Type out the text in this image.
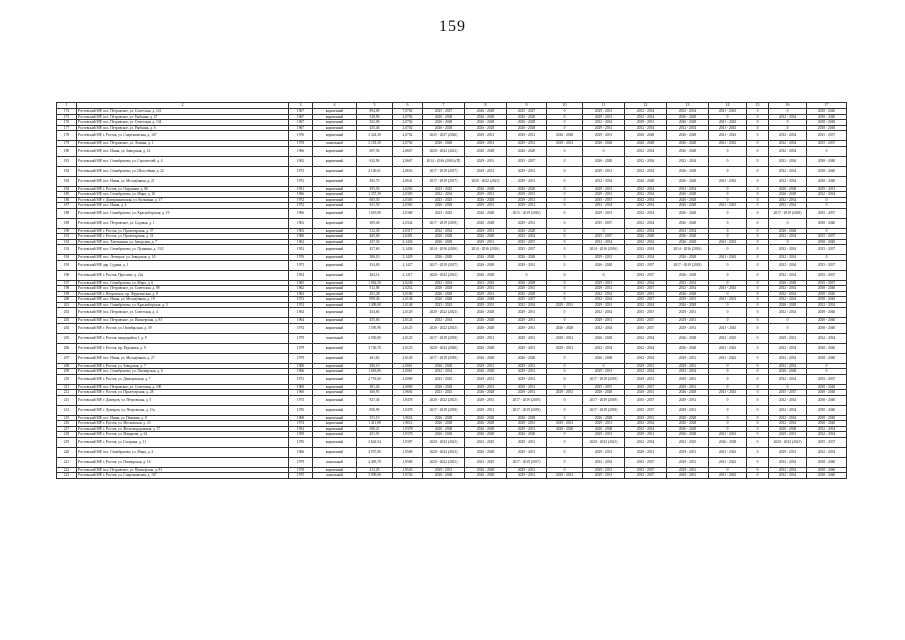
159
1	2	3	4	5	6	7	8	9	10	11	12	13	14	15	16	17
174	Ростовский МР, пос. Петровское, ул. Советская, д. 141	1967	кирпичный	894,00	7,0702	2025 - 2027	2026 - 2028	2025 - 2027	0	2029 - 2031	2032 - 2034	2032 - 2034	2041 - 2043	0	0	2038 - 2040
175	Ростовский МР, пос. Петровское, ул. Рыбкина, д. 27	1967	кирпичный	528,90	2,0702	2026 - 2028	2026 - 2028	2026 - 2028	0	2029 - 2031	2032 - 2034	2026 - 2028	0	0	2032 - 2034	2038 - 2040
176	Ростовский МР, пос. Петровское, ул. Советская, д. 134	1967	кирпичный	352,00	2,0702	2026 - 2028	2026 - 2028	2026 - 2028	0	2032 - 2034	2029 - 2031	2026 - 2028	2041 - 2043	0	0	2038 - 2040
177	Ростовский МР, пос. Петровское, ул. Рыбкина, д. 6	1967	кирпичный	455,40	2,0702	2026 - 2028	2026 - 2028	2026 - 2028	0	2029 - 2031	2032 - 2034	2032 - 2034	2041 - 2043	0	0	2038 - 2040
178	Ростовский МР, г. Ростов, ул. Спартаковская, д. 167	1976	кирпичный	2 324,30	2,0702	2025 - 2027 (2026)	2029 - 2031	2029 - 2031	2026 - 2028	2029 - 2031	2026 - 2028	2026 - 2028	2041 - 2043	0	2032 - 2034	2035 - 2037
179	Ростовский МР, пос. Петровское, ул. Ленина, д. 1	1978	панельный	3 118,50	2,0702	2026 - 2028	2029 - 2031	2029 - 2031	2029 - 2031	2026 - 2028	2026 - 2028	2026 - 2028	2041 - 2043	0	2032 - 2034	2035 - 2037
180	Ростовский МР, пос. Ишня, ул. Заводская, д. 12	1966	кирпичный	697,50	2,0667	2020 - 2022 (2021)	2026 - 2028	2026 - 2028	0	0	2032 - 2034	2026 - 2028	0	0	2032 - 2034	0
181	Ростовский МР, пос. Семибратово, ул. Строителей, д. 4	1962	кирпичный	632,90	2,0667	2014 - 2016 (2016) (П)	2029 - 2031	2035 - 2037	0	2026 - 2028	2032 - 2034	2032 - 2034	0	0	2032 - 2034	2038 - 2040
182	Ростовский МР, пос. Семибратово, ул. Шоссейная, д. 22	1973	кирпичный	2 140,61	2,0633	2017 - 2019 (2017)	2029 - 2031	2029 - 2031	0	2029 - 2031	2032 - 2034	2026 - 2028	0	0	2032 - 2034	2038 - 2040
183	Ростовский МР, пос. Ишня, ул. Молодёжная, д. 21	1972	кирпичный	492,70	2,0641	2017 - 2019 (2017)	2020 - 2022 (2021)	2029 - 2031	0	2032 - 2034	2026 - 2028	2026 - 2028	2041 - 2043	0	2032 - 2034	2038 - 2040
184	Ростовский МР, г. Ростов, ул. Окружная, д. 86	1951	кирпичный	293,50	2,0263	2023 - 2025	2026 - 2028	2026 - 2028	0	2029 - 2031	2032 - 2034	2032 - 2034	0	0	2026 - 2028	2029 - 2031
185	Ростовский МР, пос. Семибратово, ул. Мира, д. 10	1966	кирпичный	1 337,30	2,0305	2032 - 2034	2029 - 2031	2029 - 2031	0	2029 - 2031	2032 - 2034	2026 - 2028	0	0	2026 - 2028	2032 - 2034
186	Ростовский МР, г. Дмитриановская, ул. Кузьмина, д. 17	1972	кирпичный	605,30	2,0303	2023 - 2025	2026 - 2028	2029 - 2031	0	2035 - 2037	2032 - 2034	2026 - 2028	0	0	2032 - 2034	0
187	Ростовский МР, пос. Ишня, д. 4	1972	кирпичный	611,30	2,0365	2026 - 2028	2029 - 2031	2029 - 2031	0	2032 - 2034	2032 - 2034	2026 - 2028	2041 - 2043	0	2032 - 2034	0
188	Ростовский МР, пос. Семибратово, ул. Красноборская, д. 19	1966	кирпичный	1 619,00	2,0368	2023 - 2025	2026 - 2028	2015 - 2019 (2016)	0	2029 - 2031	2032 - 2034	2026 - 2028	0	0	2017 - 2019 (2018)	2035 - 2037
189	Ростовский МР, пос. Петровское, ул. Садовая, д. 1	1963	кирпичный	309,40	2,0342	2017 - 2019 (2019)	2026 - 2028	2029 - 2031	0	2035 - 2037	2032 - 2034	2026 - 2028	0	0	0	2038 - 2040
190	Ростовский МР, г. Ростов, ул. Пролетарская, д. 37	1963	кирпичный	312,30	2,0317	2032 - 2034	2029 - 2031	2026 - 2028	0	0	2032 - 2034	2032 - 2034	0	0	2026 - 2028	0
191	Ростовский МР, г. Ростов, ул. Пролетарская, д. 31	1960	кирпичный	469,00	2,0481	2026 - 2028	2026 - 2028	2032 - 2034	0	2035 - 2037	2026 - 2028	2026 - 2028	0	0	2032 - 2034	2035 - 2037
192	Ростовский МР, пос. Хмельники, ул. Заводская, д. 7	1962	кирпичный	437,30	2,1436	2026 - 2028	2029 - 2031	2035 - 2037	0	2032 - 2034	2032 - 2034	2026 - 2028	2041 - 2043	0	0	2038 - 2040
193	Ростовский МР, пос. Семибратово, ул. Пушкина, д. 13/2	1952	кирпичный	457,60	2,1436	2014 - 2016 (2016)	2014 - 2016 (2016)	2035 - 2037	0	2014 - 2016 (2016)	2032 - 2034	2014 - 2016 (2016)	0	0	2032 - 2034	2035 - 2037
194	Ростовский МР, пос. Летецкое, ул. Заводская, д. 10	1976	кирпичный	306,10	2,1429	2026 - 2028	2026 - 2028	2026 - 2028	0	2029 - 2031	2032 - 2034	2026 - 2028	2041 - 2043	0	2032 - 2034	0
195	Ростовский МР, дер. Судина, д. 1	1975	кирпичный	354,00	2,1427	2017 - 2019 (2017)	2026 - 2028	2029 - 2031	0	2026 - 2028	2035 - 2037	2017 - 2019 (2018)	0	0	2032 - 2034	2035 - 2037
196	Ростовский МР, г. Ростов, Проспект, д. 22а	1954	кирпичный	264,14	2,1417	2020 - 2022 (2021)	2026 - 2028	0	0	0	2035 - 2037	2026 - 2028	0	0	2032 - 2034	2035 - 2037
197	Ростовский МР, пос. Семибратово, ул. Мира, д. 6	1965	кирпичный	1 062,50	2,0240	2032 - 2034	2023 - 2025	2026 - 2028	0	2029 - 2031	2032 - 2034	2032 - 2034	0	0	2026 - 2028	2035 - 2037
198	Ростовский МР, пос. Петровское, ул. Советская, д. 98	1962	кирпичный	512,08	2,0252	2026 - 2028	2029 - 2031	2029 - 2031	0	2029 - 2031	2035 - 2037	2032 - 2034	2041 - 2043	0	2032 - 2034	2038 - 2040
199	Ростовский МР, г. Петровское, пр. Фрунзенская, д. 8	1963	кирпичный	261,28	2,0186	2026 - 2028	2029 - 2031	2026 - 2028	0	2032 - 2034	2029 - 2031	2026 - 2028	0	0	2032 - 2034	2038 - 2040
200	Ростовский МР, пос. Ишня, ул. Молодёжная, д. 19	1972	кирпичный	999,40	2,0138	2026 - 2028	2026 - 2028	2035 - 2037	0	2032 - 2034	2035 - 2037	2029 - 2031	2041 - 2043	0	2032 - 2034	2038 - 2040
201	Ростовский МР, пос. Семибратово, ул. Красноборская, д. 3	1974	кирпичный	1 409,00	2,0148	2023 - 2025	2029 - 2031	2032 - 2034	2029 - 2031	2029 - 2031	2032 - 2034	2026 - 2028	0	0	2026 - 2028	2032 - 2034
202	Ростовский МР, пос. Петровское, ул. Советская, д. 4	1964	кирпичный	454,60	2,0129	2020 - 2022 (2021)	2026 - 2028	2029 - 2031	0	2032 - 2034	2035 - 2037	2029 - 2031	0	0	2032 - 2034	2038 - 2040
203	Ростовский МР, пос. Петровское, ул. Пионерская, д. 81	1964	кирпичный	455,00	2,0124	2032 - 2034	2026 - 2028	2029 - 2031	0	2029 - 2031	2035 - 2037	2029 - 2031	0	0	0	2038 - 2040
204	Ростовский МР, г. Ростов, ул. Октябрьская, д. 59	1974	кирпичный	1 595,90	2,0125	2020 - 2022 (2021)	2026 - 2028	2029 - 2031	2026 - 2028	2032 - 2034	2035 - 2037	2029 - 2031	2041 - 2043	0	0	2038 - 2040
205	Ростовский МР, г. Ростов, микрорайон 1, д. 9	1979	панельный	4 930,80	2,0125	2017 - 2019 (2019)	2029 - 2031	2029 - 2031	2029 - 2031	2026 - 2028	2032 - 2034	2026 - 2028	2023 - 2025	0	2029 - 2031	2032 - 2034
206	Ростовский МР, г. Ростов, пр. Радонежа, д. 9	1979	кирпичный	3 749,70	2,0125	2020 - 2022 (2020)	2026 - 2028	2029 - 2031	2029 - 2031	2032 - 2034	2032 - 2034	2026 - 2028	2041 - 2043	0	2032 - 2034	2038 - 2040
207	Ростовский МР, пос. Ишня, ул. Молодёжная, д. 27	1979	кирпичный	461,63	2,0120	2017 - 2019 (2019)	2026 - 2028	2026 - 2028	0	2026 - 2028	2032 - 2034	2029 - 2031	2041 - 2043	0	2032 - 2034	2038 - 2040
208	Ростовский МР, г. Ростов, ул. Заводская, д. 7	1968	кирпичный	290,10	2,0061	2026 - 2028	2029 - 2031	2029 - 2031	0	0	2029 - 2031	2029 - 2031	0	0	2032 - 2034	0
209	Ростовский МР, пос. Семибратово, ул. Пионерская, д. 6	1966	кирпичный	1 663,80	2,0061	2032 - 2034	2026 - 2028	2029 - 2031	0	2029 - 2031	2032 - 2034	2032 - 2034	0	0	2026 - 2028	0
210	Ростовский МР, г. Ростов, ул. Дмитровская, д. 7	1972	кирпичный	2 791,60	2,0069	2023 - 2025	2029 - 2031	2029 - 2031	0	2017 - 2019 (2019)	2029 - 2031	2029 - 2031	0	0	2032 - 2034	2035 - 2037
211	Ростовский МР, пос. Петровское, ул. Советская, д. 100	1968	кирпичный	381,26	2,0069	2026 - 2028	2029 - 2031	2029 - 2031	0	2035 - 2037	2035 - 2037	2029 - 2031	0	0	0	2038 - 2040
212	Ростовский МР, г. Ростов, ул. Пролетарская, д. 28	1960	кирпичный	360,93	1,9692	2023 - 2025	2026 - 2028	2029 - 2031	2029 - 2031	2026 - 2028	2029 - 2031	2026 - 2028	2041 - 2043	0	2035 - 2037	2038 - 2040
213	Ростовский МР, г. Дмитров, ул. Петровская, д. 5	1973	кирпичный	927,40	1,9478	2020 - 2022 (2021)	2029 - 2031	2017 - 2019 (2019)	0	2017 - 2019 (2019)	2035 - 2037	2029 - 2031	0	0	2032 - 2034	2038 - 2040
214	Ростовский МР, г. Дмитров, ул. Петровская, д. 11а	1976	кирпичный	856,90	1,9478	2017 - 2019 (2019)	2029 - 2031	2017 - 2019 (2019)	0	2017 - 2019 (2019)	2035 - 2037	2029 - 2031	0	0	2032 - 2034	2038 - 2040
215	Ростовский МР, пос. Ишня, ул. Пенкина, д. 8	1968	кирпичный	351,10	1,9654	2026 - 2028	2026 - 2028	2026 - 2028	0	2026 - 2028	2029 - 2031	2026 - 2028	0	0	2032 - 2034	2038 - 2040
216	Ростовский МР, г. Ростов, ул. Московская, д. 23	1974	кирпичный	1 411,90	1,9612	2026 - 2028	2026 - 2028	2029 - 2031	2029 - 2031	2029 - 2031	2032 - 2034	2026 - 2028	0	0	2032 - 2034	2038 - 2040
217	Ростовский МР, г. Ростов, ул. Железнодорожная, д. 57	1954	кирпичный	508,21	1,9378	2026 - 2028	2026 - 2028	2029 - 2031	2026 - 2028	2026 - 2028	2032 - 2034	2026 - 2028	0	0	2026 - 2028	2032 - 2034
218	Ростовский МР, г. Ростов, ул. Макарова, д. 62	1958	кирпичный	451,91	1,9378	2026 - 2028	2026 - 2028	2026 - 2028	0	2029 - 2031	2029 - 2031	2026 - 2028	2041 - 2043	0	2029 - 2031	2032 - 2034
219	Ростовский МР, г. Ростов, ул. Гагарина, д. 11	1976	кирпичный	2 642,54	1,9397	2020 - 2022 (2021)	2023 - 2025	2029 - 2031	0	2020 - 2022 (2021)	2032 - 2034	2023 - 2025	2026 - 2028	0	2020 - 2022 (2021)	2035 - 2037
220	Ростовский МР, пос. Семибратово, ул. Мира, д. 2	1966	кирпичный	2 937,00	1,9568	2020 - 2022 (2021)	2026 - 2028	2029 - 2031	0	2029 - 2031	2029 - 2031	2029 - 2031	2041 - 2043	0	2029 - 2031	2032 - 2034
221	Ростовский МР, г. Ростов, ул. Пионерская, д. 16	1979	панельный	4 483,70	1,9568	2020 - 2022 (2021)	2023 - 2025	2017 - 2019 (2017)	0	2032 - 2034	2035 - 2037	2029 - 2031	2041 - 2043	0	2032 - 2034	2038 - 2040
222	Ростовский МР, пос. Петровское, ул. Пионерская, д. 81	1978	кирпичный	412,29	1,9526	2029 - 2031	2026 - 2028	2029 - 2031	0	2029 - 2031	2035 - 2037	2029 - 2031	0	0	2032 - 2034	2038 - 2040
223	Ростовский МР, г. Ростов, ул. Спартаковская, д. 167	1975	панельный	3 909,60	1,9726	2026 - 2028	2026 - 2028	2029 - 2031	2029 - 2031	2029 - 2031	2035 - 2037	2029 - 2031	2041 - 2043	0	2032 - 2034	2038 - 2040
